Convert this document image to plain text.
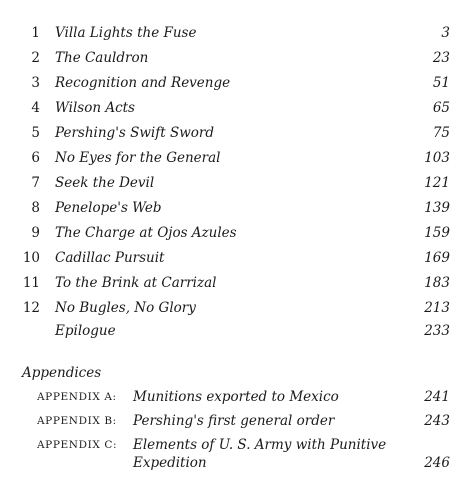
1 Villa Lights the Fuse	3
2 The Cauldron	23
3 Recognition and Revenge	51
4 Wilson Acts	65
5 Pershing's Swift Sword	75
6 No Eyes for the General	103
7 Seek the Devil	121
8 Penelope's Web	139
9 The Charge at Ojos Azules	159
10 Cadillac Pursuit	169
11 To the Brink at Carrizal	183
12 No Bugles, No Glory	213
Epilogue	233
Appendices
APPENDIX A: Munitions exported to Mexico	241
APPENDIX B: Pershing's first general order	243
APPENDIX C: Elements of U. S. Army with Punitive Expedition	246
